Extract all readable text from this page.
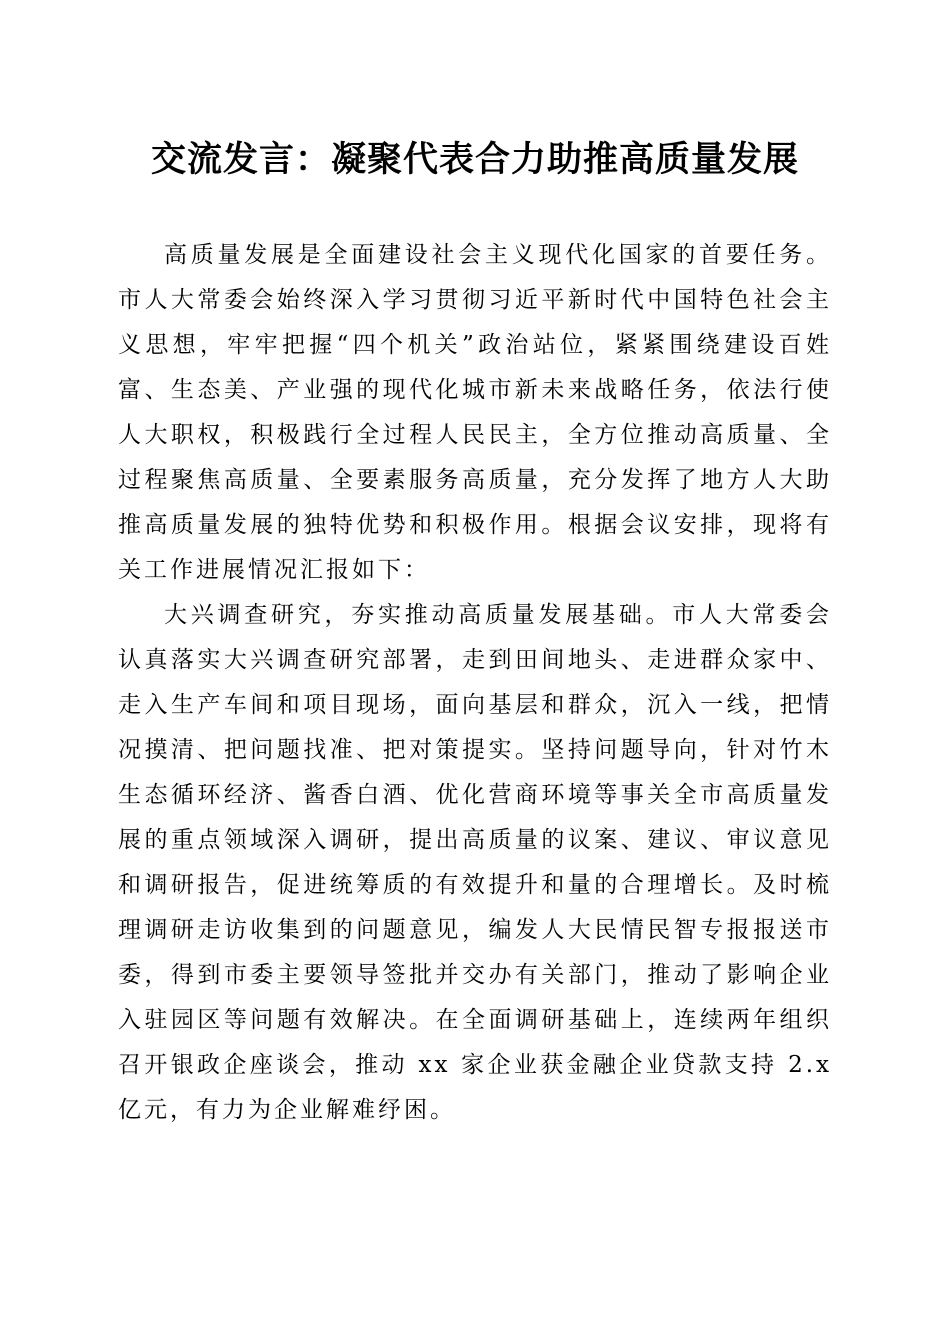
交流发言：凝聚代表合力助推高质量发展

高质量发展是全面建设社会主义现代化国家的首要任务。市人大常委会始终深入学习贯彻习近平新时代中国特色社会主义思想，牢牢把握“四个机关”政治站位，紧紧围绕建设百姓富、生态美、产业强的现代化城市新未来战略任务，依法行使人大职权，积极践行全过程人民民主，全方位推动高质量、全过程聚焦高质量、全要素服务高质量，充分发挥了地方人大助推高质量发展的独特优势和积极作用。根据会议安排，现将有关工作进展情况汇报如下：

大兴调查研究，夯实推动高质量发展基础。市人大常委会认真落实大兴调查研究部署，走到田间地头、走进群众家中、走入生产车间和项目现场，面向基层和群众，沉入一线，把情况摸清、把问题找准、把对策提实。坚持问题导向，针对竹木生态循环经济、酱香白酒、优化营商环境等事关全市高质量发展的重点领域深入调研，提出高质量的议案、建议、审议意见和调研报告，促进统筹质的有效提升和量的合理增长。及时梳理调研走访收集到的问题意见，编发人大民情民智专报报送市委，得到市委主要领导签批并交办有关部门，推动了影响企业入驻园区等问题有效解决。在全面调研基础上，连续两年组织召开银政企座谈会，推动 xx 家企业获金融企业贷款支持 2.x 亿元，有力为企业解难纾困。
